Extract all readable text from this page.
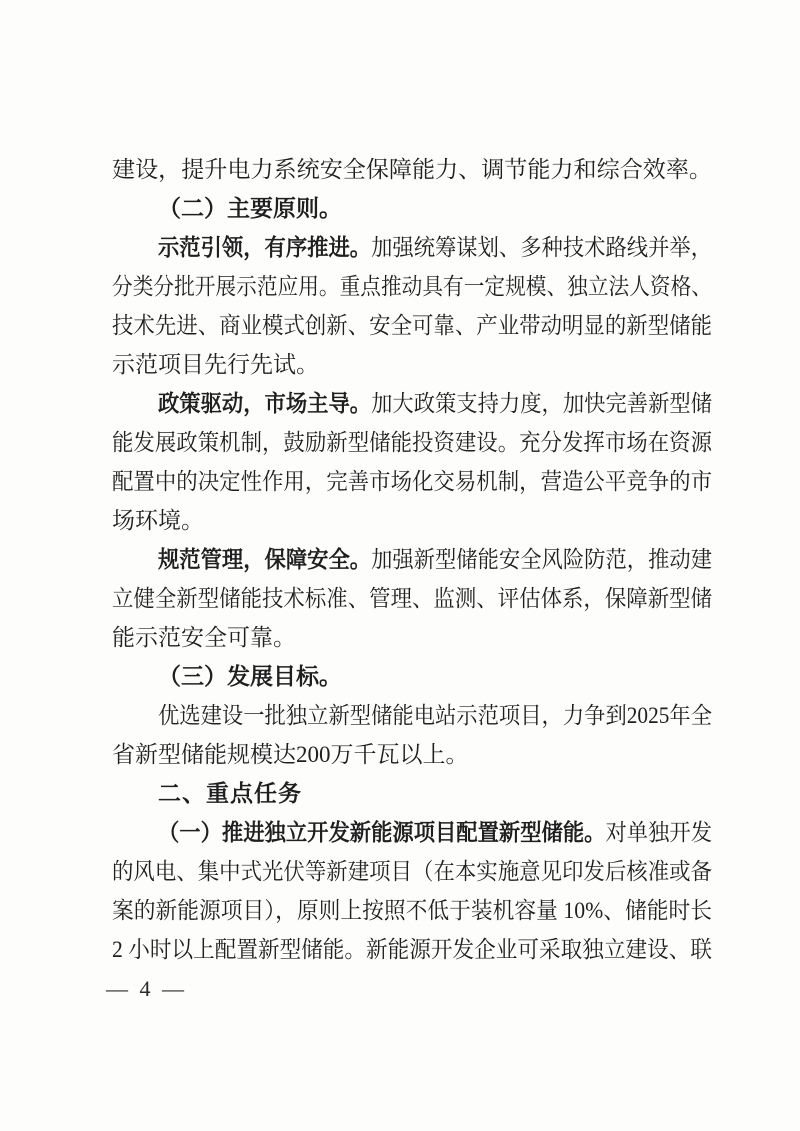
建设，提升电力系统安全保障能力、调节能力和综合效率。
（二）主要原则。
示范引领，有序推进。加强统筹谋划、多种技术路线并举，
分类分批开展示范应用。重点推动具有一定规模、独立法人资格、
技术先进、商业模式创新、安全可靠、产业带动明显的新型储能
示范项目先行先试。
政策驱动，市场主导。加大政策支持力度，加快完善新型储
能发展政策机制，鼓励新型储能投资建设。充分发挥市场在资源
配置中的决定性作用，完善市场化交易机制，营造公平竞争的市
场环境。
规范管理，保障安全。加强新型储能安全风险防范，推动建
立健全新型储能技术标准、管理、监测、评估体系，保障新型储
能示范安全可靠。
（三）发展目标。
优选建设一批独立新型储能电站示范项目，力争到2025年全
省新型储能规模达200万千瓦以上。
二、重点任务
（一）推进独立开发新能源项目配置新型储能。对单独开发
的风电、集中式光伏等新建项目（在本实施意见印发后核准或备
案的新能源项目），原则上按照不低于装机容量 10%、储能时长
2 小时以上配置新型储能。新能源开发企业可采取独立建设、联
— 4 —
